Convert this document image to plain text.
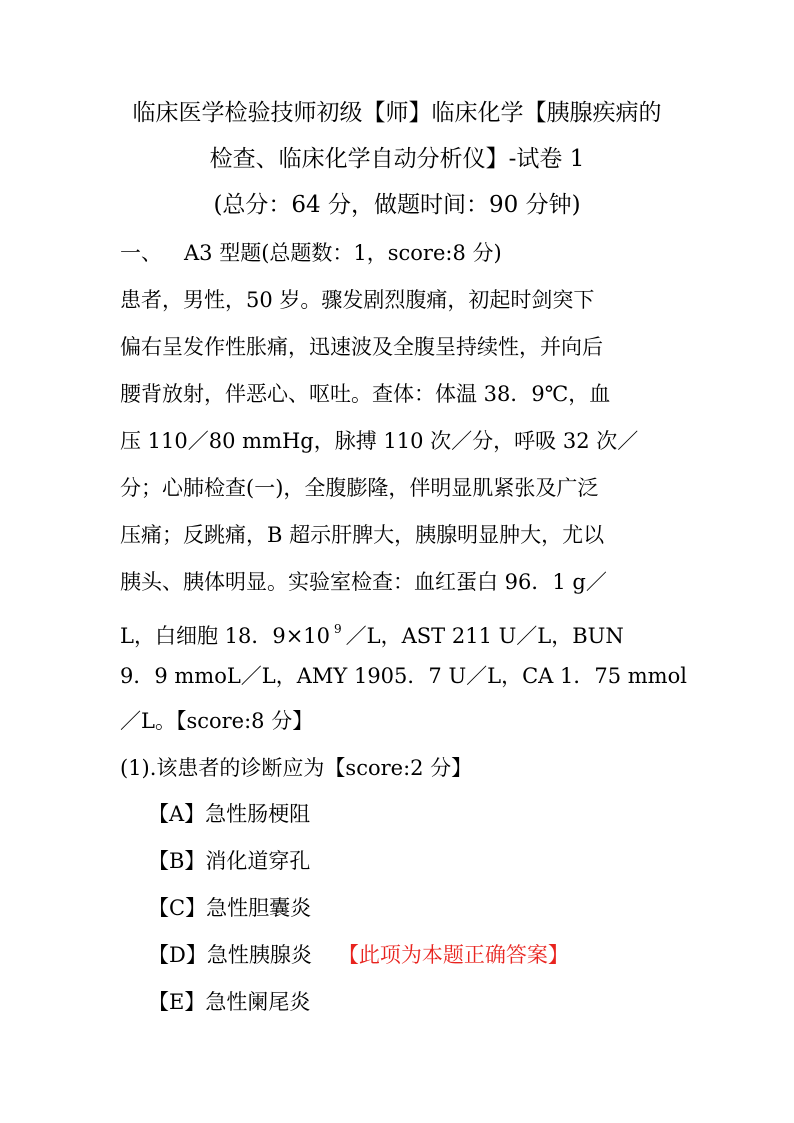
临床医学检验技师初级【师】临床化学【胰腺疾病的
检查、临床化学自动分析仪】-试卷 1
(总分：64 分，做题时间：90 分钟)
一、 A3 型题(总题数：1，score:8 分)
患者，男性，50 岁。骤发剧烈腹痛，初起时剑突下
偏右呈发作性胀痛，迅速波及全腹呈持续性，并向后
腰背放射，伴恶心、呕吐。查体：体温 38．9℃，血
压 110／80 mmHg，脉搏 110 次／分，呼吸 32 次／
分；心肺检查(一)，全腹膨隆，伴明显肌紧张及广泛
压痛；反跳痛，B 超示肝脾大，胰腺明显肿大，尤以
胰头、胰体明显。实验室检查：血红蛋白 96．1 g／
L，白细胞 18．9×10 $^9$ ／L，AST 211 U／L，BUN
9．9 mmoL／L，AMY 1905．7 U／L，CA 1．75 mmol
／L。【score:8 分】
(1).该患者的诊断应为【score:2 分】
【A】急性肠梗阻
【B】消化道穿孔
【C】急性胆囊炎
【D】急性胰腺炎 【此项为本题正确答案】
【E】急性阑尾炎
